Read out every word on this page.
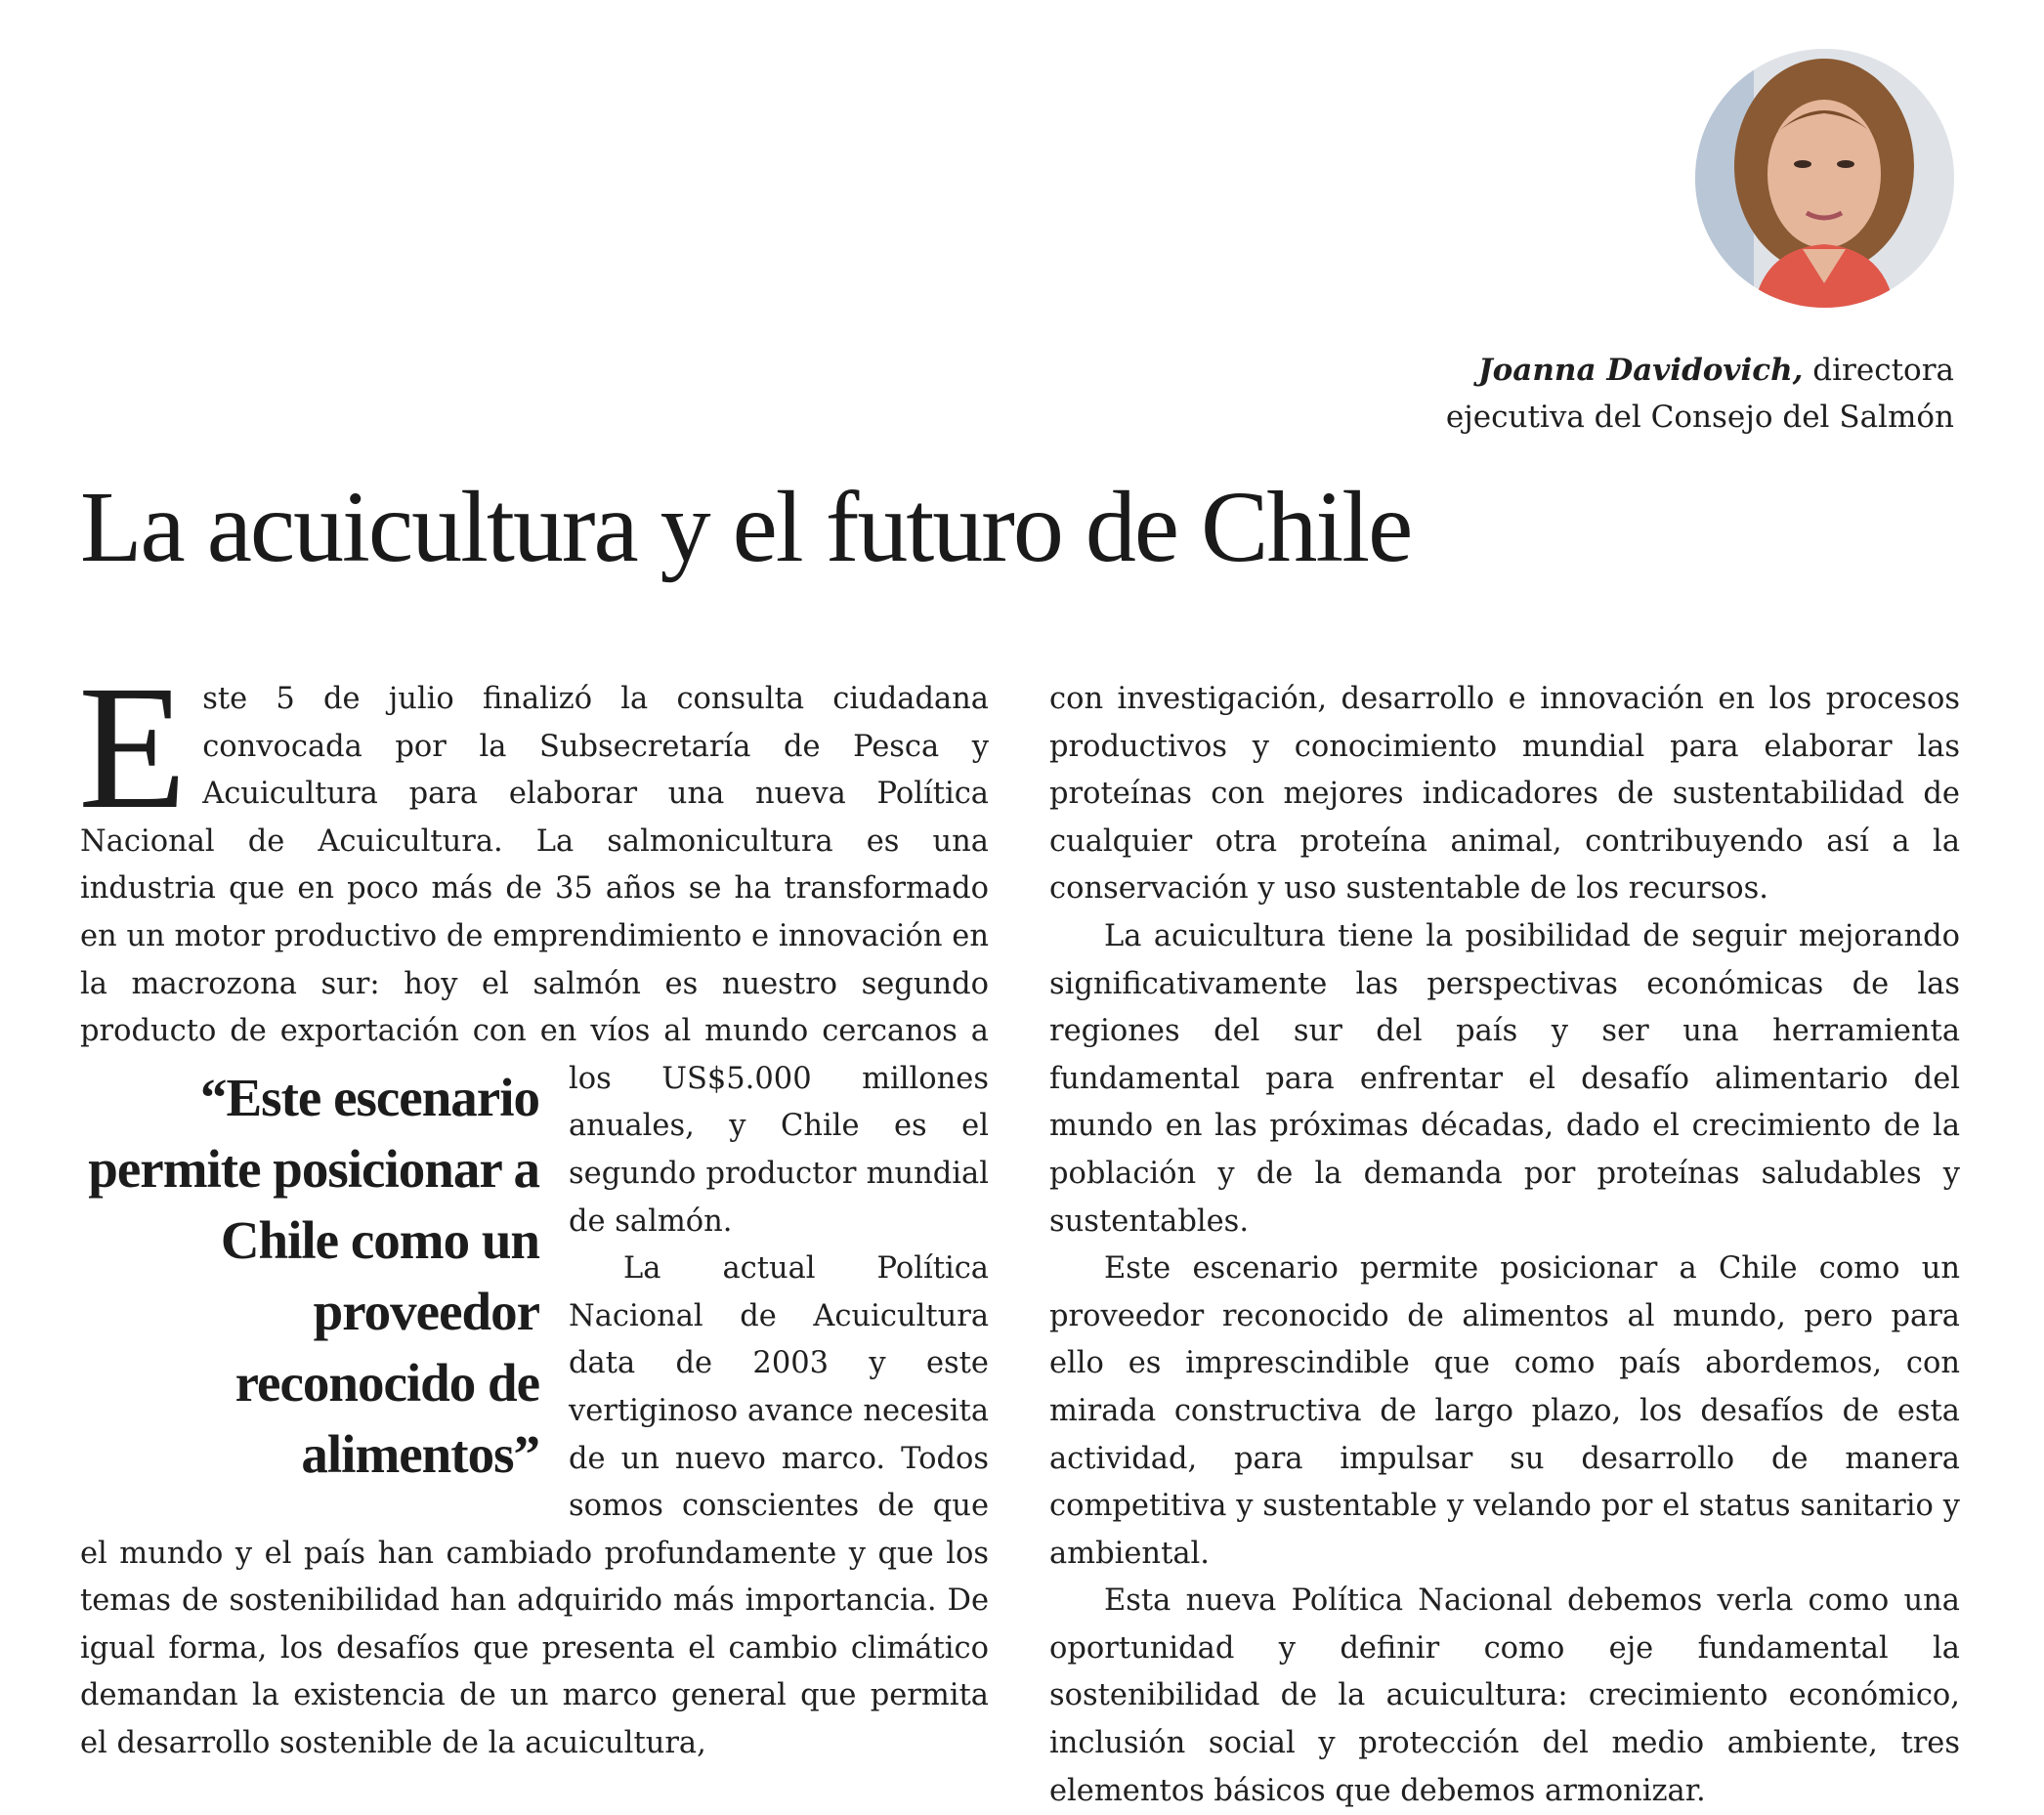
Joanna Davidovich, directora
ejecutiva del Consejo del Salmón
La acuicultura y el futuro de Chile
E ste 5 de julio finalizó la consulta ciudadana convocada por la Subsecretaría de Pesca y Acuicultura para elaborar una nueva Política Nacional de Acuicultura. La salmonicultura es una industria que en poco más de 35 años se ha transformado en un motor productivo de emprendimiento e innovación en la macrozona sur: hoy el salmón es nuestro segundo producto de exportación con en
“Este escenario permite posicionar a Chile como un proveedor reconocido de alimentos”
víos al mundo cercanos a los US$5.000 millones anuales, y Chile es el segundo productor mundial de salmón.

La actual Política Nacional de Acuicultura data de 2003 y este vertiginoso avance necesita de un nuevo marco. Todos somos conscientes de que el mundo y el país han cambiado profundamente y que los temas de sostenibilidad han adquirido más importancia. De igual forma, los desafíos que presenta el cambio climático demandan la existencia de un marco general que permita el desarrollo sostenible de la acuicultura,

con investigación, desarrollo e innovación en los procesos productivos y conocimiento mundial para elaborar las proteínas con mejores indicadores de sustentabilidad de cualquier otra proteína animal, contribuyendo así a la conservación y uso sustentable de los recursos.

La acuicultura tiene la posibilidad de seguir mejorando significativamente las perspectivas económicas de las regiones del sur del país y ser una herramienta fundamental para enfrentar el desafío alimentario del mundo en las próximas décadas, dado el crecimiento de la población y de la demanda por proteínas saludables y sustentables.

Este escenario permite posicionar a Chile como un proveedor reconocido de alimentos al mundo, pero para ello es imprescindible que como país abordemos, con mirada constructiva de largo plazo, los desafíos de esta actividad, para impulsar su desarrollo de manera competitiva y sustentable y velando por el status sanitario y ambiental.

Esta nueva Política Nacional debemos verla como una oportunidad y definir como eje fundamental la sostenibilidad de la acuicultura: crecimiento económico, inclusión social y protección del medio ambiente, tres elementos básicos que debemos armonizar.
